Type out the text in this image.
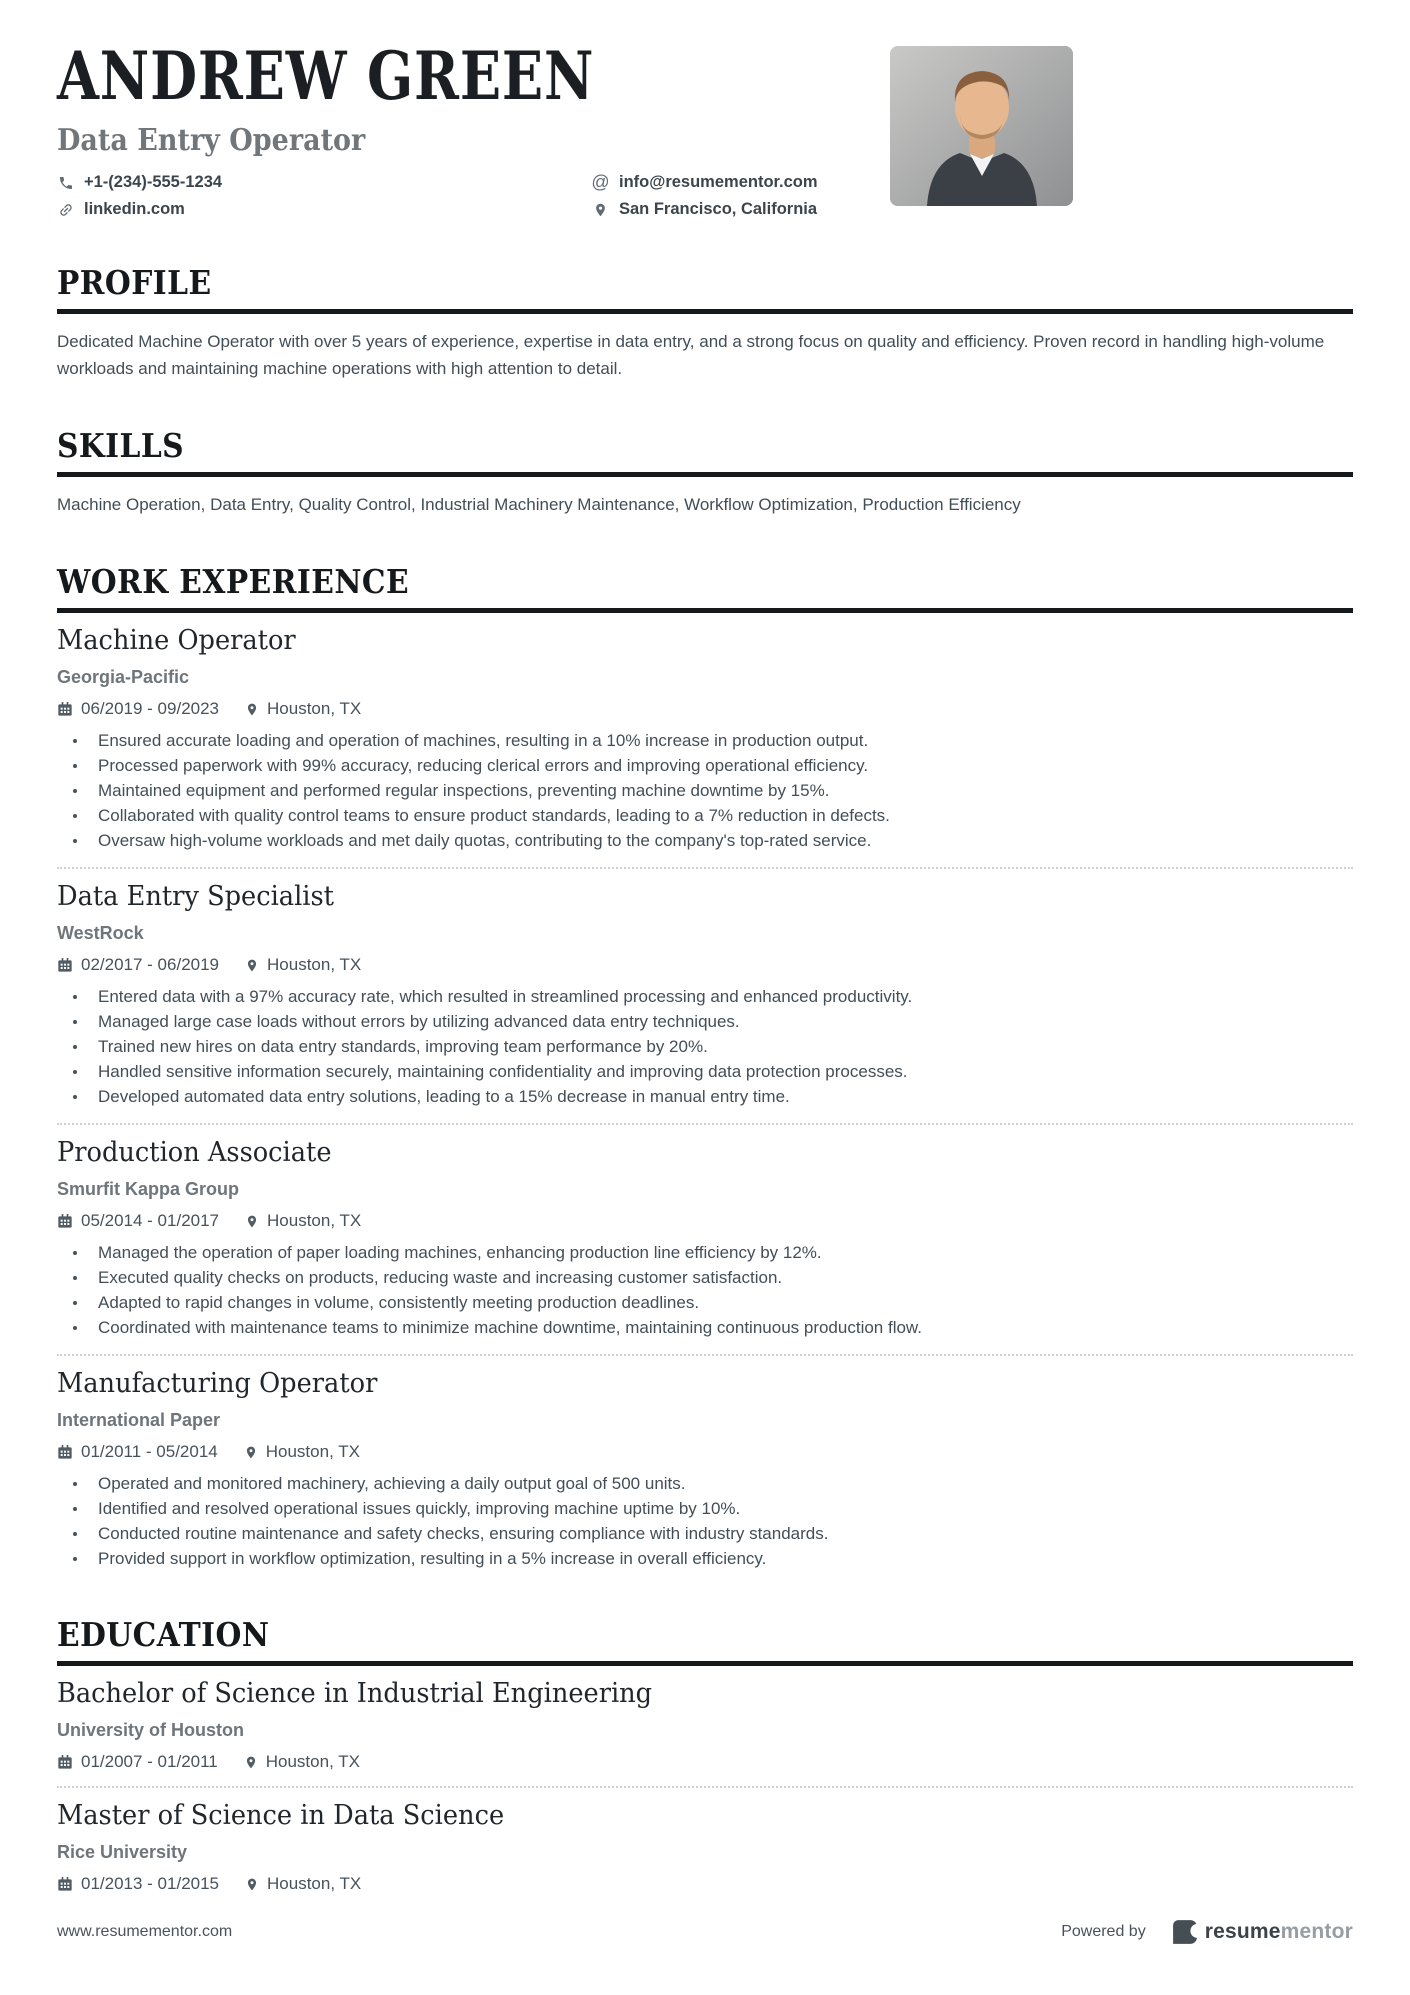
ANDREW GREEN
Data Entry Operator
+1-(234)-555-1234	@ info@resumementor.com
linkedin.com	San Francisco, California
PROFILE

Dedicated Machine Operator with over 5 years of experience, expertise in data entry, and a strong focus on quality and efficiency. Proven record in handling high-volume workloads and maintaining machine operations with high attention to detail.

SKILLS

Machine Operation, Data Entry, Quality Control, Industrial Machinery Maintenance, Workflow Optimization, Production Efficiency

WORK EXPERIENCE
Machine Operator
Georgia-Pacific
06/2019 - 09/2023	Houston, TX
Ensured accurate loading and operation of machines, resulting in a 10% increase in production output.
Processed paperwork with 99% accuracy, reducing clerical errors and improving operational efficiency.
Maintained equipment and performed regular inspections, preventing machine downtime by 15%.
Collaborated with quality control teams to ensure product standards, leading to a 7% reduction in defects.
Oversaw high-volume workloads and met daily quotas, contributing to the company's top-rated service.
Data Entry Specialist
WestRock
02/2017 - 06/2019	Houston, TX
Entered data with a 97% accuracy rate, which resulted in streamlined processing and enhanced productivity.
Managed large case loads without errors by utilizing advanced data entry techniques.
Trained new hires on data entry standards, improving team performance by 20%.
Handled sensitive information securely, maintaining confidentiality and improving data protection processes.
Developed automated data entry solutions, leading to a 15% decrease in manual entry time.
Production Associate
Smurfit Kappa Group
05/2014 - 01/2017	Houston, TX
Managed the operation of paper loading machines, enhancing production line efficiency by 12%.
Executed quality checks on products, reducing waste and increasing customer satisfaction.
Adapted to rapid changes in volume, consistently meeting production deadlines.
Coordinated with maintenance teams to minimize machine downtime, maintaining continuous production flow.
Manufacturing Operator
International Paper
01/2011 - 05/2014	Houston, TX
Operated and monitored machinery, achieving a daily output goal of 500 units.
Identified and resolved operational issues quickly, improving machine uptime by 10%.
Conducted routine maintenance and safety checks, ensuring compliance with industry standards.
Provided support in workflow optimization, resulting in a 5% increase in overall efficiency.
EDUCATION
Bachelor of Science in Industrial Engineering
University of Houston
01/2007 - 01/2011	Houston, TX
Master of Science in Data Science
Rice University
01/2013 - 01/2015	Houston, TX
www.resumementor.com	Powered by	resumementor
